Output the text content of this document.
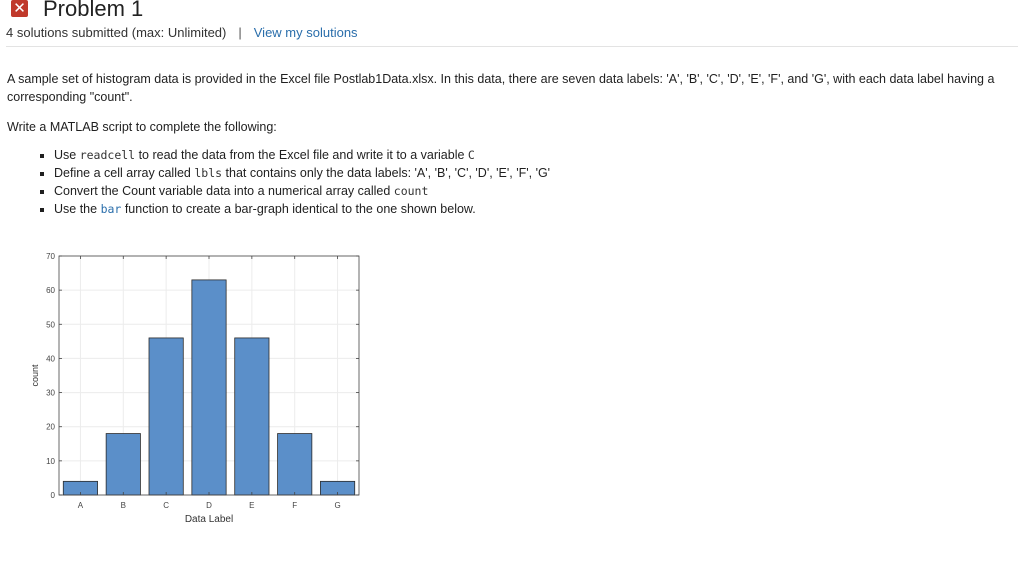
✕ Problem 1
4 solutions submitted (max: Unlimited) | View my solutions

A sample set of histogram data is provided in the Excel file Postlab1Data.xlsx. In this data, there are seven data labels: 'A', 'B', 'C', 'D', 'E', 'F', and 'G', with each data label having a corresponding "count".

Write a MATLAB script to complete the following:

▪ Use readcell to read the data from the Excel file and write it to a variable C
▪ Define a cell array called lbls that contains only the data labels: 'A', 'B', 'C', 'D', 'E', 'F', 'G'
▪ Convert the Count variable data into a numerical array called count
▪ Use the bar function to create a bar-graph identical to the one shown below.
0
10
20
30
40
50
60
70
A	B	C	D	E	F	G
Data Label
count
